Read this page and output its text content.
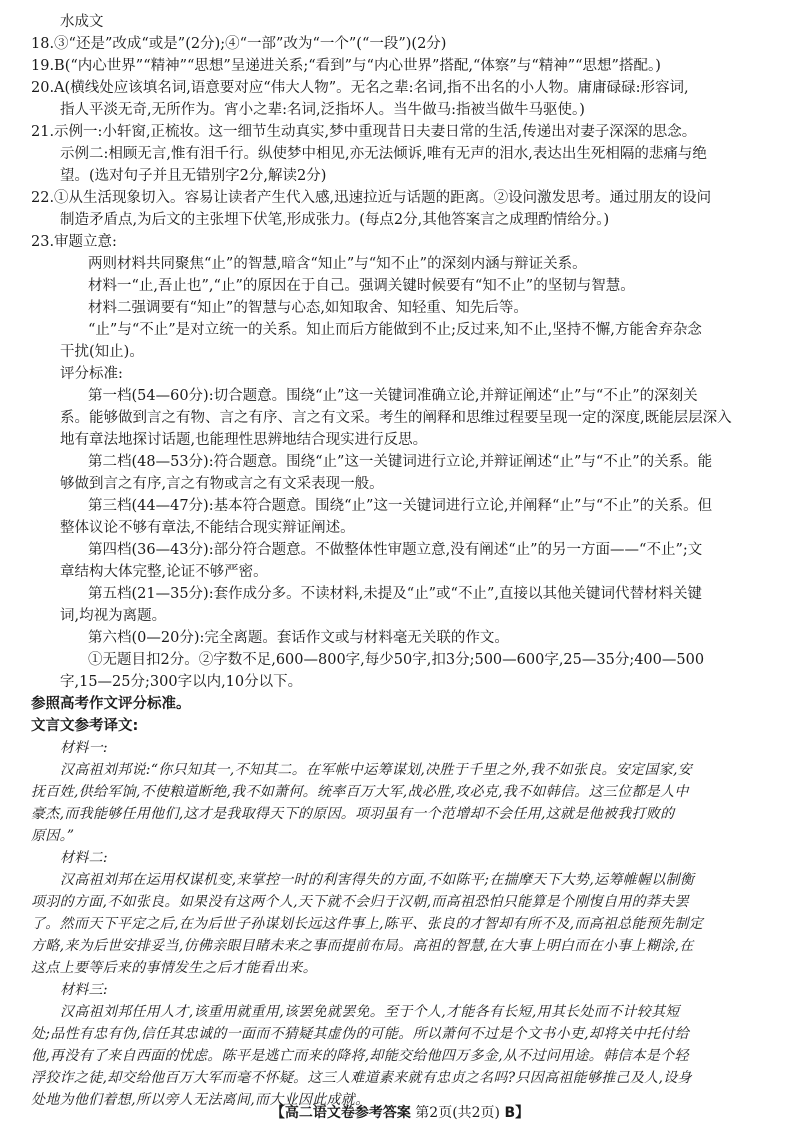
水成文
18.③“还是”改成“或是”(2分);④“一部”改为“一个”(“一段”)(2分)
19.B(“内心世界”“精神”“思想”呈递进关系;“看到”与“内心世界”搭配,“体察”与“精神”“思想”搭配。)
20.A(横线处应该填名词,语意要对应“伟大人物”。无名之辈:名词,指不出名的小人物。庸庸碌碌:形容词,
指人平淡无奇,无所作为。宵小之辈:名词,泛指坏人。当牛做马:指被当做牛马驱使。)
21.示例一:小轩窗,正梳妆。这一细节生动真实,梦中重现昔日夫妻日常的生活,传递出对妻子深深的思念。
示例二:相顾无言,惟有泪千行。纵使梦中相见,亦无法倾诉,唯有无声的泪水,表达出生死相隔的悲痛与绝
望。(选对句子并且无错别字2分,解读2分)
22.①从生活现象切入。容易让读者产生代入感,迅速拉近与话题的距离。②设问激发思考。通过朋友的设问
制造矛盾点,为后文的主张埋下伏笔,形成张力。(每点2分,其他答案言之成理酌情给分。)
23.审题立意:
两则材料共同聚焦“止”的智慧,暗含“知止”与“知不止”的深刻内涵与辩证关系。
材料一“止,吾止也”,“止”的原因在于自己。强调关键时候要有“知不止”的坚韧与智慧。
材料二强调要有“知止”的智慧与心态,如知取舍、知轻重、知先后等。
“止”与“不止”是对立统一的关系。知止而后方能做到不止;反过来,知不止,坚持不懈,方能舍弃杂念
干扰(知止)。
评分标准:
第一档(54—60分):切合题意。围绕“止”这一关键词准确立论,并辩证阐述“止”与“不止”的深刻关
系。能够做到言之有物、言之有序、言之有文采。考生的阐释和思维过程要呈现一定的深度,既能层层深入
地有章法地探讨话题,也能理性思辨地结合现实进行反思。
第二档(48—53分):符合题意。围绕“止”这一关键词进行立论,并辩证阐述“止”与“不止”的关系。能
够做到言之有序,言之有物或言之有文采表现一般。
第三档(44—47分):基本符合题意。围绕“止”这一关键词进行立论,并阐释“止”与“不止”的关系。但
整体议论不够有章法,不能结合现实辩证阐述。
第四档(36—43分):部分符合题意。不做整体性审题立意,没有阐述“止”的另一方面——“不止”;文
章结构大体完整,论证不够严密。
第五档(21—35分):套作成分多。不读材料,未提及“止”或“不止”,直接以其他关键词代替材料关键
词,均视为离题。
第六档(0—20分):完全离题。套话作文或与材料毫无关联的作文。
①无题目扣2分。②字数不足,600—800字,每少50字,扣3分;500—600字,25—35分;400—500
字,15—25分;300字以内,10分以下。
参照高考作文评分标准。
文言文参考译文:
材料一:
汉高祖刘邦说:“你只知其一,不知其二。在军帐中运筹谋划,决胜于千里之外,我不如张良。安定国家,安
抚百姓,供给军饷,不使粮道断绝,我不如萧何。统率百万大军,战必胜,攻必克,我不如韩信。这三位都是人中
豪杰,而我能够任用他们,这才是我取得天下的原因。项羽虽有一个范增却不会任用,这就是他被我打败的
原因。”
材料二:
汉高祖刘邦在运用权谋机变,来掌控一时的利害得失的方面,不如陈平;在揣摩天下大势,运筹帷幄以制衡
项羽的方面,不如张良。如果没有这两个人,天下就不会归于汉朝,而高祖恐怕只能算是个刚愎自用的莽夫罢
了。然而天下平定之后,在为后世子孙谋划长远这件事上,陈平、张良的才智却有所不及,而高祖总能预先制定
方略,来为后世安排妥当,仿佛亲眼目睹未来之事而提前布局。高祖的智慧,在大事上明白而在小事上糊涂,在
这点上要等后来的事情发生之后才能看出来。
材料三:
汉高祖刘邦任用人才,该重用就重用,该罢免就罢免。至于个人,才能各有长短,用其长处而不计较其短
处;品性有忠有伪,信任其忠诚的一面而不猜疑其虚伪的可能。所以萧何不过是个文书小吏,却将关中托付给
他,再没有了来自西面的忧虑。陈平是逃亡而来的降将,却能交给他四万多金,从不过问用途。韩信本是个轻
浮狡诈之徒,却交给他百万大军而毫不怀疑。这三人难道素来就有忠贞之名吗?只因高祖能够推己及人,设身
处地为他们着想,所以旁人无法离间,而大业因此成就。
【高二语文卷参考答案 第2页(共2页) B】
